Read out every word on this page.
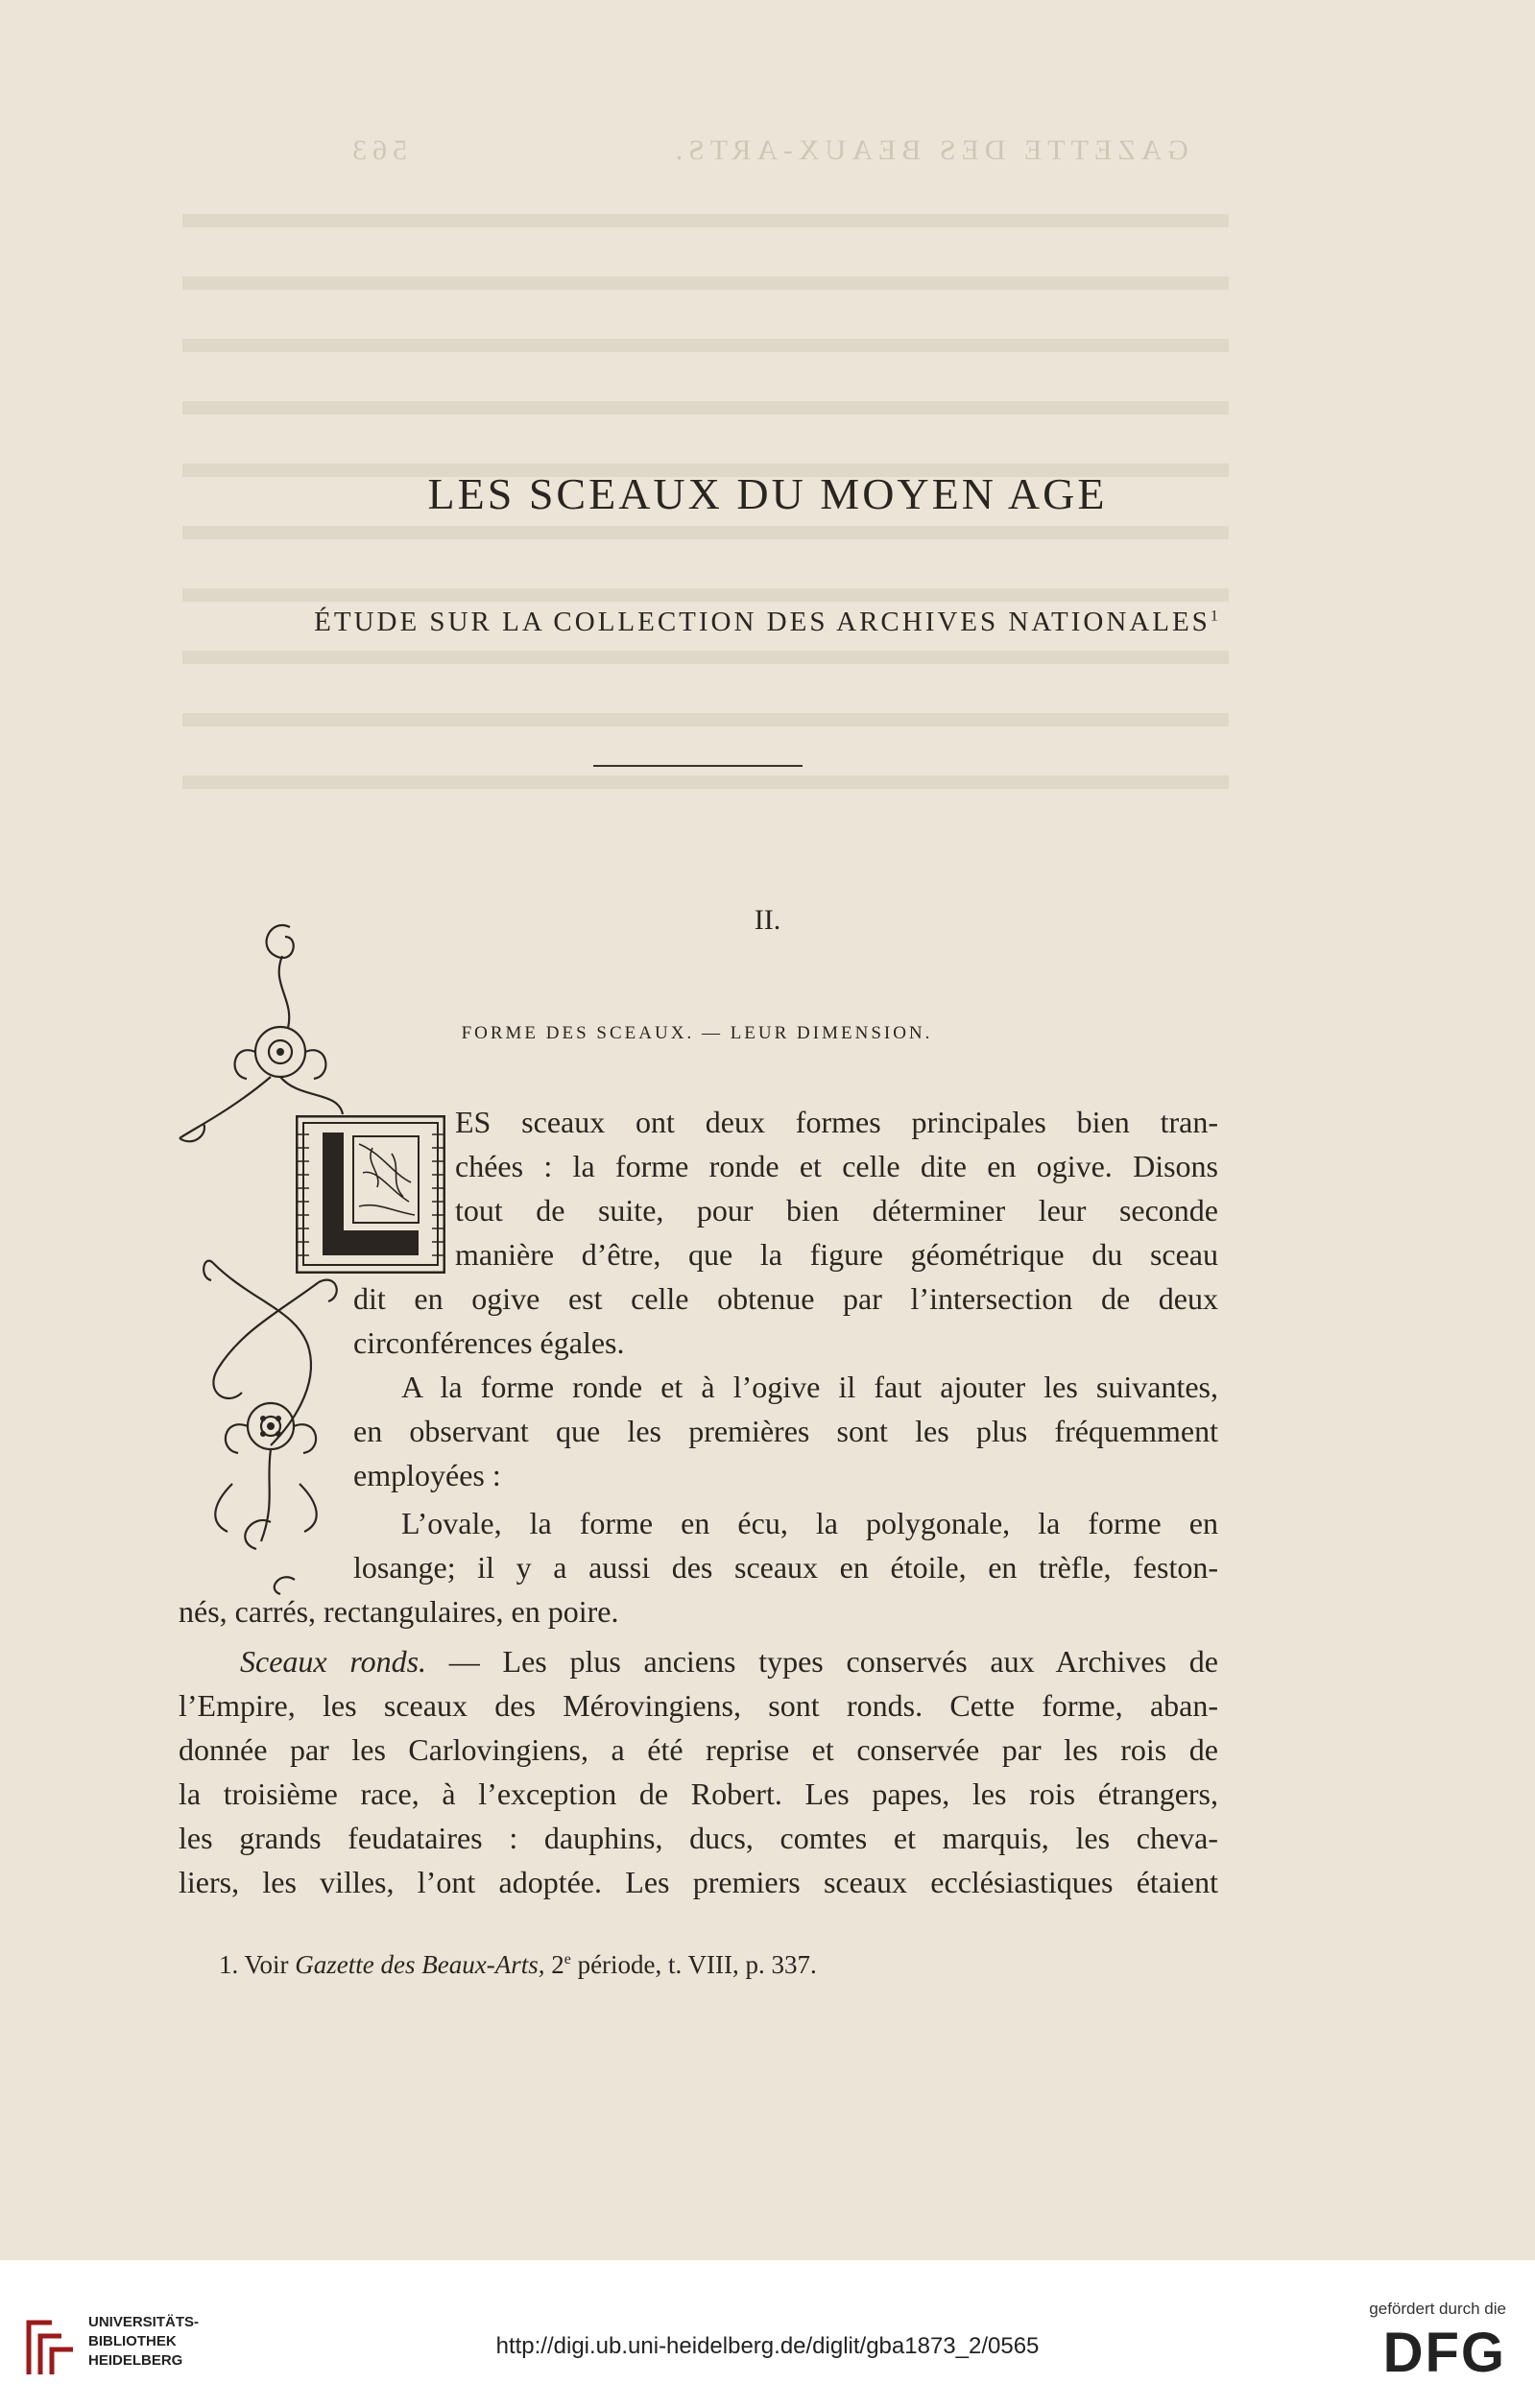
GAZETTE DES BEAUX-ARTS. 563
LES SCEAUX DU MOYEN AGE
ÉTUDE SUR LA COLLECTION DES ARCHIVES NATIONALES$^1$
II.
FORME DES SCEAUX. — LEUR DIMENSION.
ES sceaux ont deux formes principales bien tran-
chées : la forme ronde et celle dite en ogive. Disons
tout de suite, pour bien déterminer leur seconde
manière d’être, que la figure géométrique du sceau
dit en ogive est celle obtenue par l’intersection de deux
circonférences égales.
A la forme ronde et à l’ogive il faut ajouter les suivantes,
en observant que les premières sont les plus fréquemment
employées :
L’ovale, la forme en écu, la polygonale, la forme en
losange; il y a aussi des sceaux en étoile, en trèfle, feston-
nés, carrés, rectangulaires, en poire.
Sceaux ronds. — Les plus anciens types conservés aux Archives de
l’Empire, les sceaux des Mérovingiens, sont ronds. Cette forme, aban-
donnée par les Carlovingiens, a été reprise et conservée par les rois de
la troisième race, à l’exception de Robert. Les papes, les rois étrangers,
les grands feudataires : dauphins, ducs, comtes et marquis, les cheva-
liers, les villes, l’ont adoptée. Les premiers sceaux ecclésiastiques étaient
1. Voir Gazette des Beaux-Arts, 2e période, t. VIII, p. 337.
UNIVERSITÄTS-
BIBLIOTHEK
HEIDELBERG
http://digi.ub.uni-heidelberg.de/diglit/gba1873_2/0565
gefördert durch die
DFG
